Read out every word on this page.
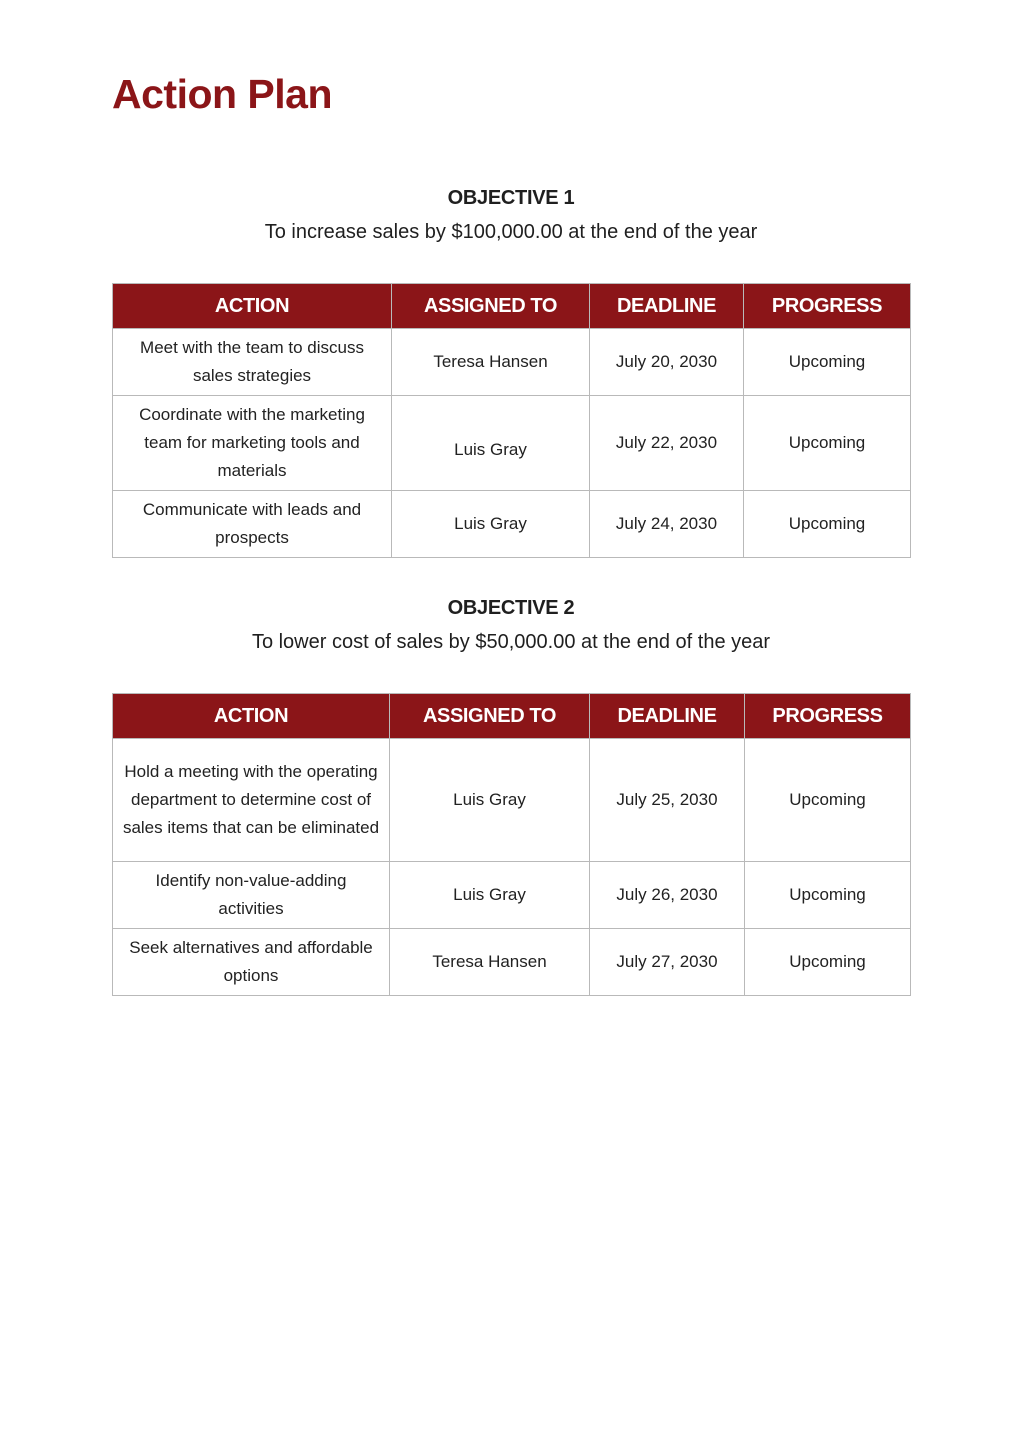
Action Plan
OBJECTIVE 1
To increase sales by $100,000.00 at the end of the year
ACTION	ASSIGNED TO	DEADLINE	PROGRESS
Meet with the team to discuss sales strategies	Teresa Hansen	July 20, 2030	Upcoming
Coordinate with the marketing team for marketing tools and materials	Luis Gray	July 22, 2030	Upcoming
Communicate with leads and prospects	Luis Gray	July 24, 2030	Upcoming
OBJECTIVE 2
To lower cost of sales by $50,000.00 at the end of the year
ACTION	ASSIGNED TO	DEADLINE	PROGRESS
Hold a meeting with the operating department to determine cost of sales items that can be eliminated	Luis Gray	July 25, 2030	Upcoming
Identify non-value-adding activities	Luis Gray	July 26, 2030	Upcoming
Seek alternatives and affordable options	Teresa Hansen	July 27, 2030	Upcoming
